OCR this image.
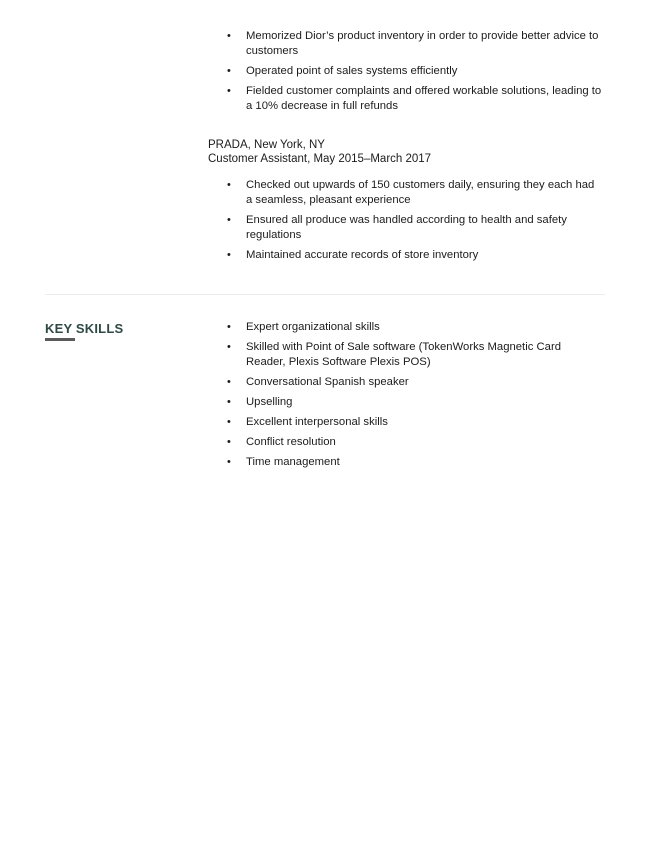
• Memorized Dior’s product inventory in order to provide better advice to customers
• Operated point of sales systems efficiently
• Fielded customer complaints and offered workable solutions, leading to a 10% decrease in full refunds
PRADA, New York, NY
Customer Assistant, May 2015–March 2017
• Checked out upwards of 150 customers daily, ensuring they each had a seamless, pleasant experience
• Ensured all produce was handled according to health and safety regulations
• Maintained accurate records of store inventory
KEY SKILLS	• Expert organizational skills
• Skilled with Point of Sale software (TokenWorks Magnetic Card Reader, Plexis Software Plexis POS)
• Conversational Spanish speaker
• Upselling
• Excellent interpersonal skills
• Conflict resolution
• Time management
